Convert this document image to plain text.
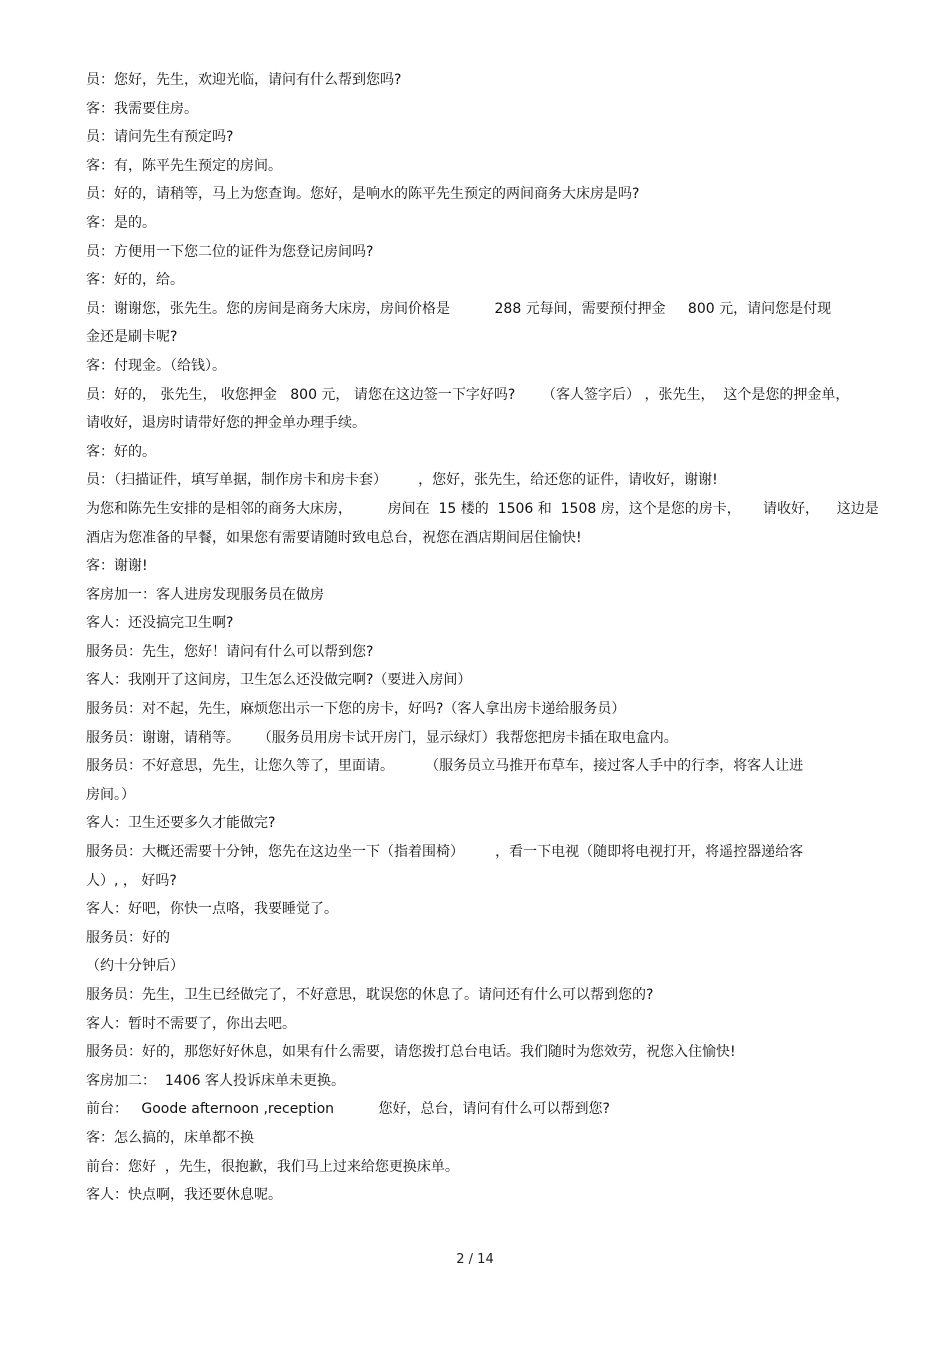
员：您好，先生，欢迎光临，请问有什么帮到您吗?
客：我需要住房。
员：请问先生有预定吗?
客：有，陈平先生预定的房间。
员：好的，请稍等，马上为您查询。您好，是响水的陈平先生预定的两间商务大床房是吗?
客：是的。
员：方便用一下您二位的证件为您登记房间吗?
客：好的，给。
员：谢谢您，张先生。您的房间是商务大床房，房间价格是          288 元每间，需要预付押金     800 元，请问您是付现
金还是刷卡呢?
客：付现金。（给钱）。
员：好的， 张先生， 收您押金   800 元， 请您在这边签一下字好吗?      （客人签字后） ，张先生，  这个是您的押金单，
请收好，退房时请带好您的押金单办理手续。
客：好的。
员：（扫描证件，填写单据，制作房卡和房卡套）       ，您好，张先生，给还您的证件，请收好，谢谢!
为您和陈先生安排的是相邻的商务大床房，        房间在  15 楼的  1506 和  1508 房，这个是您的房卡，     请收好，    这边是
酒店为您准备的早餐，如果您有需要请随时致电总台，祝您在酒店期间居住愉快!
客：谢谢!
客房加一：客人进房发现服务员在做房
客人：还没搞完卫生啊?
服务员：先生，您好！请问有什么可以帮到您?
客人：我刚开了这间房，卫生怎么还没做完啊?（要进入房间）
服务员：对不起，先生，麻烦您出示一下您的房卡，好吗?（客人拿出房卡递给服务员）
服务员：谢谢，请稍等。    （服务员用房卡试开房门，显示绿灯）我帮您把房卡插在取电盒内。
服务员：不好意思，先生，让您久等了，里面请。       （服务员立马推开布草车，接过客人手中的行李，将客人让进
房间。）
客人：卫生还要多久才能做完?
服务员：大概还需要十分钟，您先在这边坐一下（指着围椅）       ，看一下电视（随即将电视打开，将遥控器递给客
人）, ， 好吗?
客人：好吧，你快一点咯，我要睡觉了。
服务员：好的
（约十分钟后）
服务员：先生，卫生已经做完了，不好意思，耽误您的休息了。请问还有什么可以帮到您的?
客人：暂时不需要了，你出去吧。
服务员：好的，那您好好休息，如果有什么需要，请您拨打总台电话。我们随时为您效劳，祝您入住愉快!
客房加二：  1406 客人投诉床单未更换。
前台：   Goode afternoon ,reception          您好，总台，请问有什么可以帮到您?
客：怎么搞的，床单都不换
前台：您好  ，先生，很抱歉，我们马上过来给您更换床单。
客人：快点啊，我还要休息呢。
2 / 14
